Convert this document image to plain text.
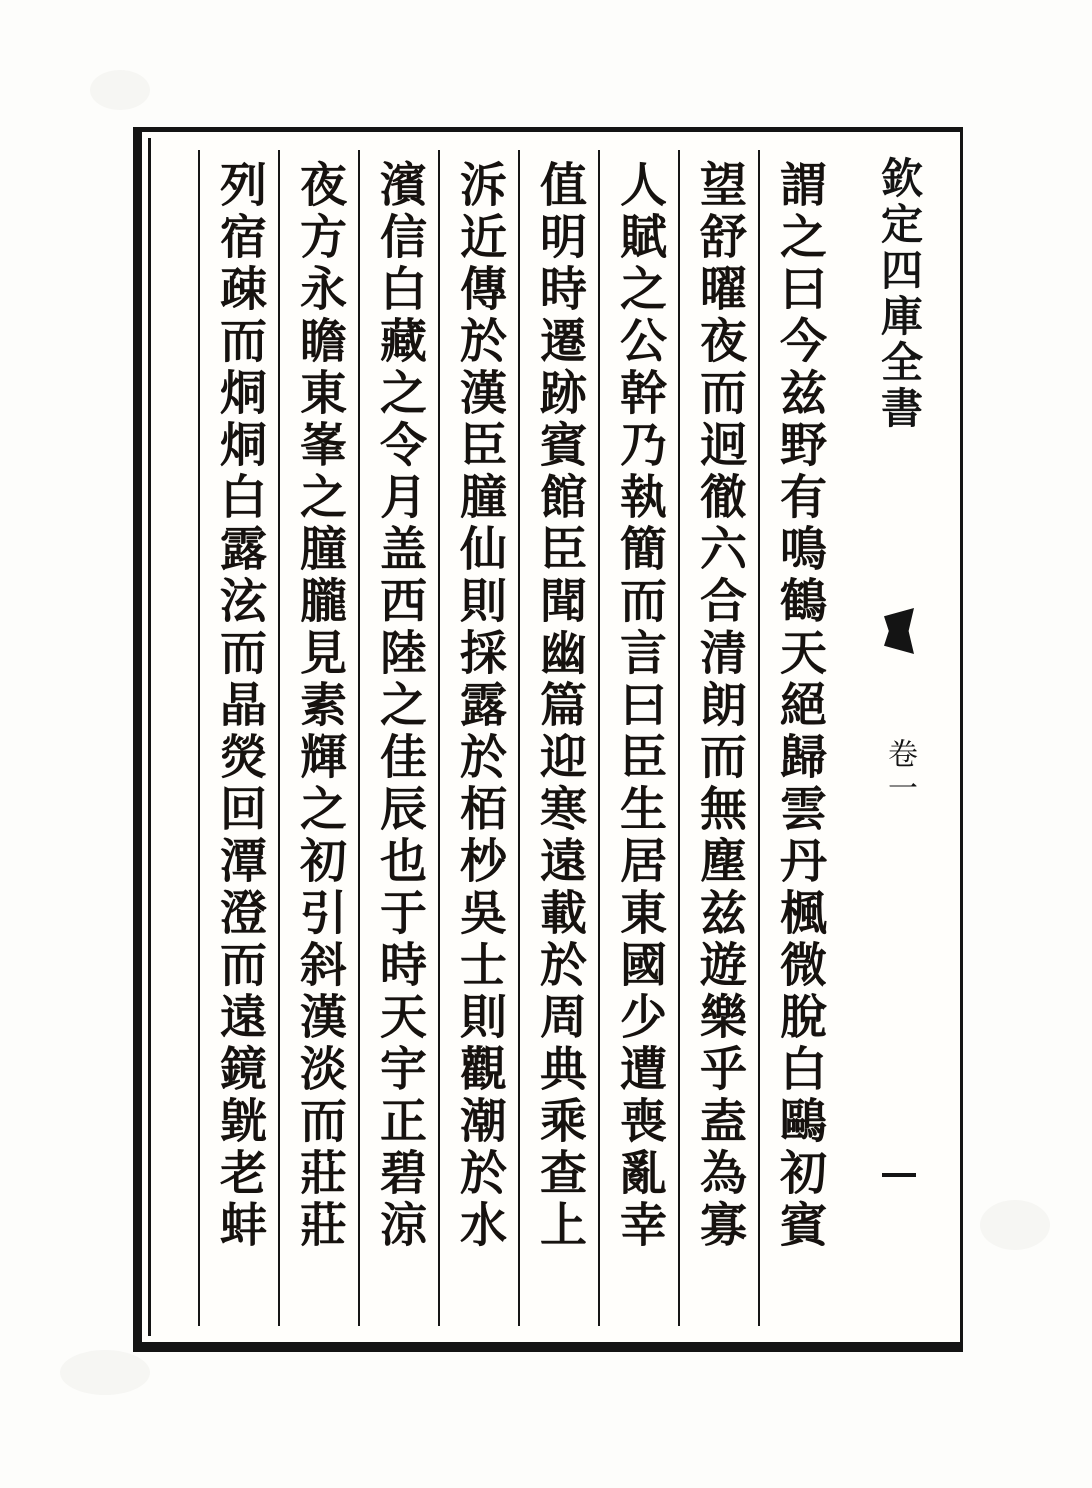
欽定四庫全書
卷一
謂之曰今兹野有鳴鶴天絕歸雲丹楓微脫白鷗初賓
望舒曜夜而迥徹六合清朗而無塵兹遊樂乎盍為寡
人賦之公幹乃執簡而言曰臣生居東國少遭喪亂幸
值明時遷跡賓館臣聞幽篇迎寒遠載於周典乘查上
泝近傳於漢臣朣仙則採露於栢杪吳士則觀潮於水
濱信白藏之令月盖西陸之佳辰也于時天宇正碧涼
夜方永瞻東峯之朣朧見素輝之初引斜漢淡而莊莊
列宿疎而烔烔白露泫而晶熒回潭澄而遠鏡皝老蚌
